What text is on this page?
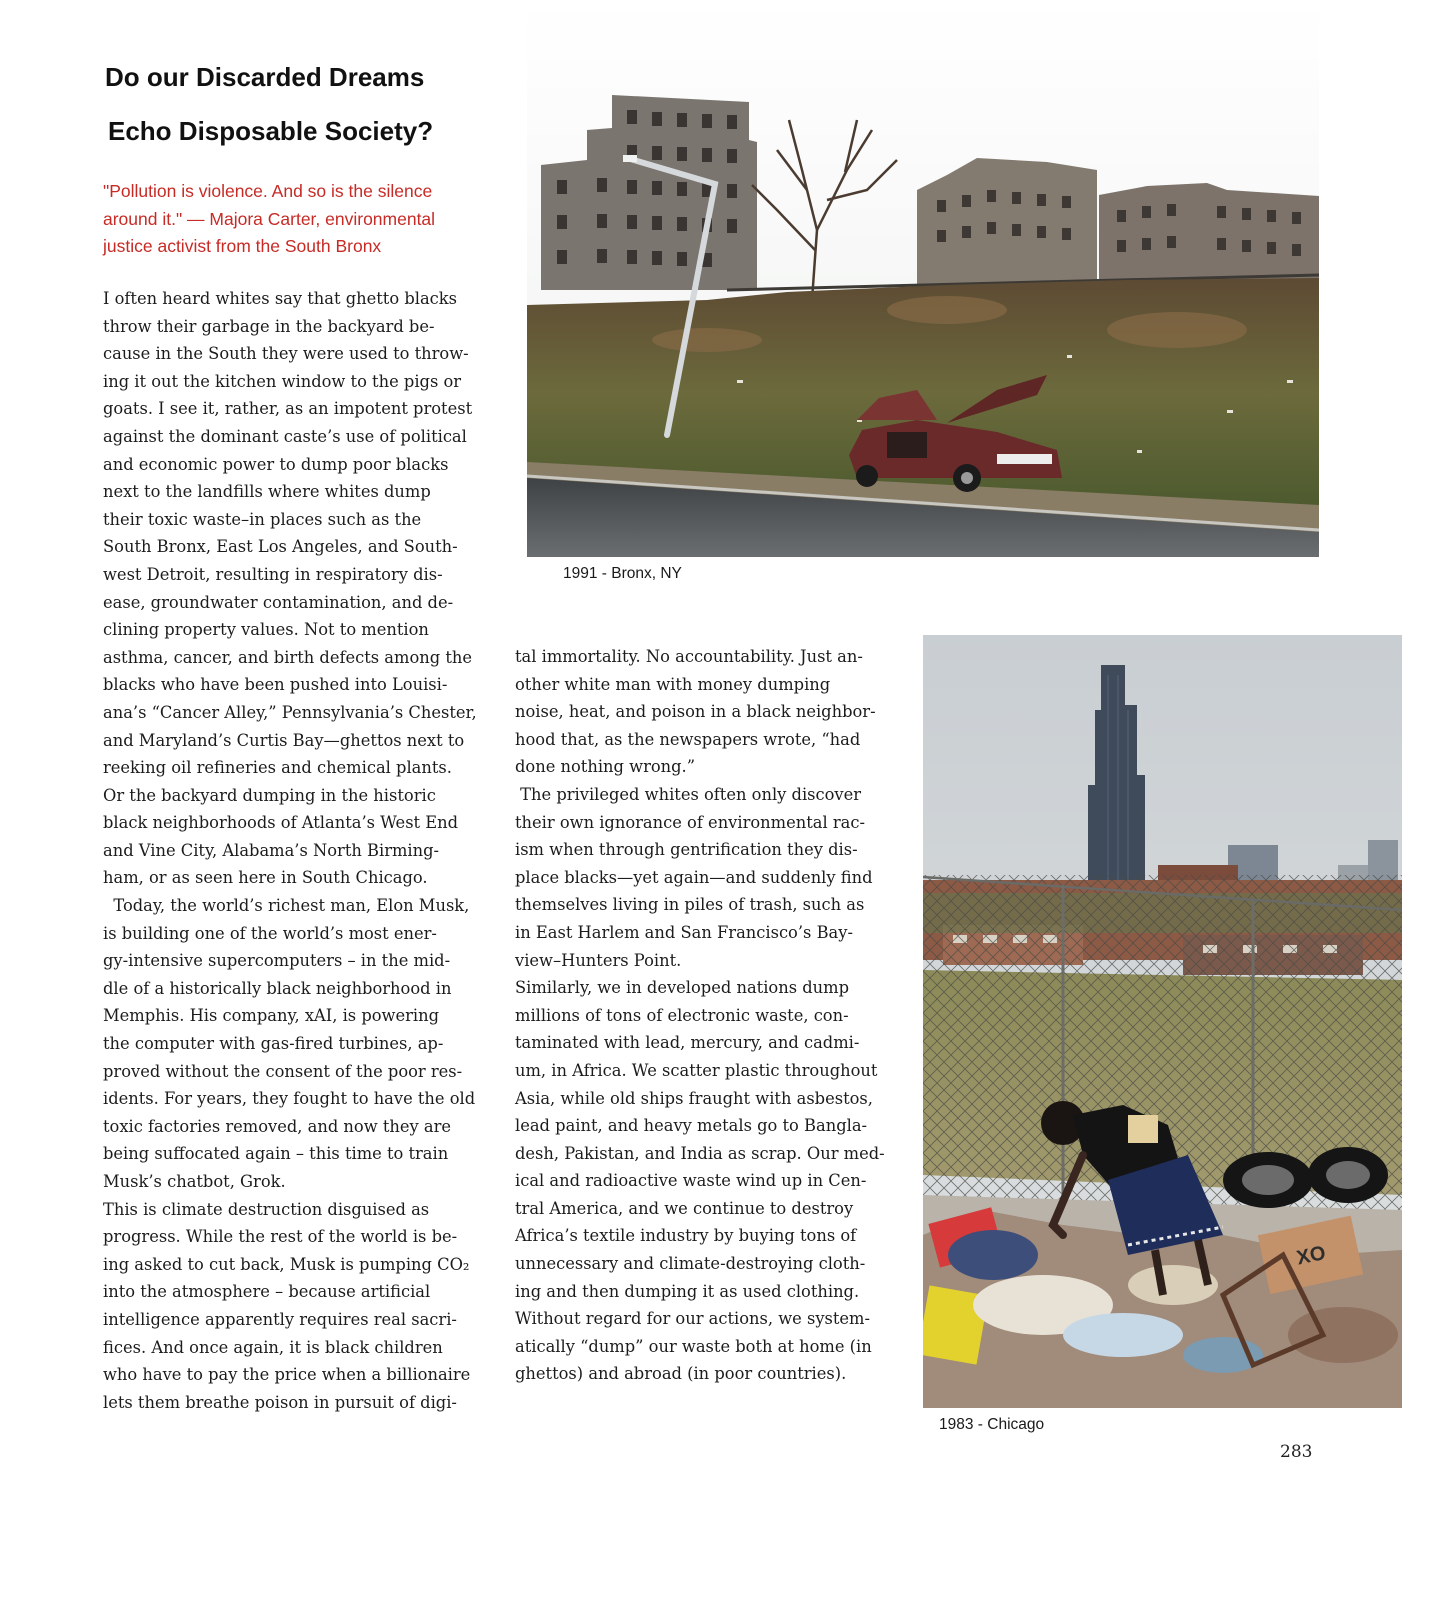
Do our Discarded Dreams
Echo Disposable Society?

"Pollution is violence. And so is the silence
around it." — Majora Carter, environmental
justice activist from the South Bronx

I often heard whites say that ghetto blacks
throw their garbage in the backyard be-
cause in the South they were used to throw-
ing it out the kitchen window to the pigs or
goats. I see it, rather, as an impotent protest
against the dominant caste’s use of political
and economic power to dump poor blacks
next to the landfills where whites dump
their toxic waste–in places such as the
South Bronx, East Los Angeles, and South-
west Detroit, resulting in respiratory dis-
ease, groundwater contamination, and de-
clining property values. Not to mention
asthma, cancer, and birth defects among the
blacks who have been pushed into Louisi-
ana’s “Cancer Alley,” Pennsylvania’s Chester,
and Maryland’s Curtis Bay—ghettos next to
reeking oil refineries and chemical plants.
Or the backyard dumping in the historic
black neighborhoods of Atlanta’s West End
and Vine City, Alabama’s North Birming-
ham, or as seen here in South Chicago.
Today, the world’s richest man, Elon Musk,
is building one of the world’s most ener-
gy-intensive supercomputers – in the mid-
dle of a historically black neighborhood in
Memphis. His company, xAI, is powering
the computer with gas-fired turbines, ap-
proved without the consent of the poor res-
idents. For years, they fought to have the old
toxic factories removed, and now they are
being suffocated again – this time to train
Musk’s chatbot, Grok.
This is climate destruction disguised as
progress. While the rest of the world is be-
ing asked to cut back, Musk is pumping CO₂
into the atmosphere – because artificial
intelligence apparently requires real sacri-
fices. And once again, it is black children
who have to pay the price when a billionaire
lets them breathe poison in pursuit of digi-
tal immortality. No accountability. Just an-
other white man with money dumping
noise, heat, and poison in a black neighbor-
hood that, as the newspapers wrote, “had
done nothing wrong.”
The privileged whites often only discover
their own ignorance of environmental rac-
ism when through gentrification they dis-
place blacks—yet again—and suddenly find
themselves living in piles of trash, such as
in East Harlem and San Francisco’s Bay-
view–Hunters Point.
Similarly, we in developed nations dump
millions of tons of electronic waste, con-
taminated with lead, mercury, and cadmi-
um, in Africa. We scatter plastic throughout
Asia, while old ships fraught with asbestos,
lead paint, and heavy metals go to Bangla-
desh, Pakistan, and India as scrap. Our med-
ical and radioactive waste wind up in Cen-
tral America, and we continue to destroy
Africa’s textile industry by buying tons of
unnecessary and climate-destroying cloth-
ing and then dumping it as used clothing.
Without regard for our actions, we system-
atically “dump” our waste both at home (in
ghettos) and abroad (in poor countries).

1991 - Bronx, NY

XO

1983 - Chicago

283
